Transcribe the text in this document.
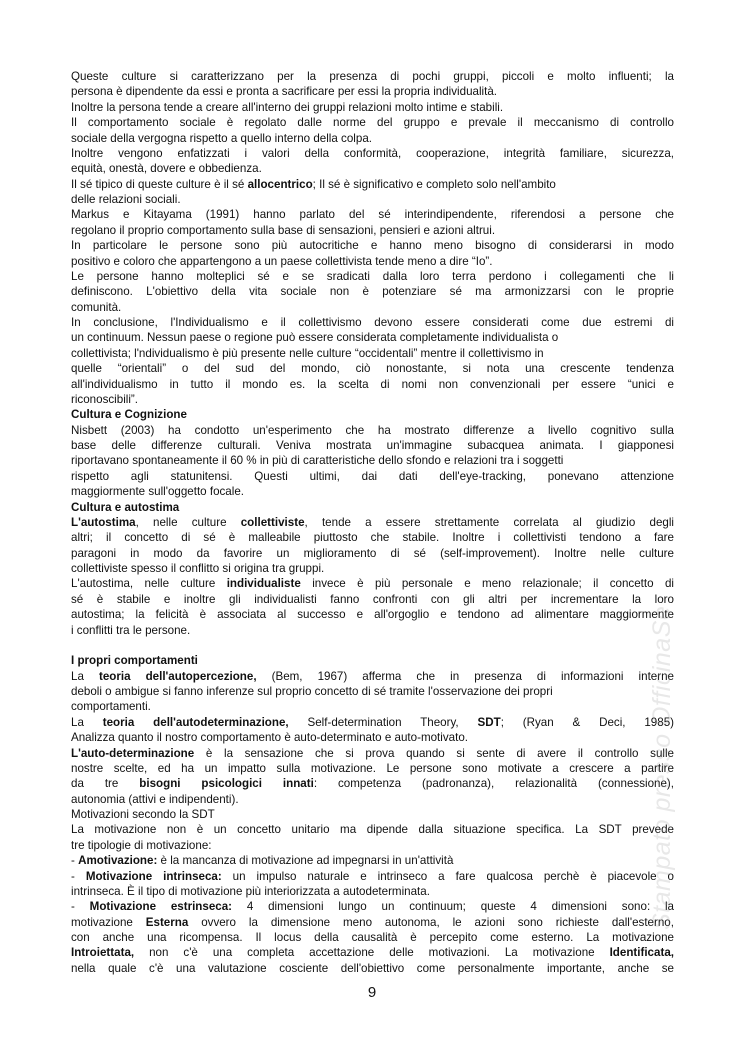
Queste culture si caratterizzano per la presenza di pochi gruppi, piccoli e molto influenti; la
persona è dipendente da essi e pronta a sacrificare per essi la propria individualità.
Inoltre la persona tende a creare all'interno dei gruppi relazioni molto intime e stabili.
Il comportamento sociale è regolato dalle norme del gruppo e prevale il meccanismo di controllo
sociale della vergogna rispetto a quello interno della colpa.
Inoltre vengono enfatizzati i valori della conformità, cooperazione, integrità familiare, sicurezza,
equità, onestà, dovere e obbedienza.
Il sé tipico di queste culture è il sé allocentrico; Il sé è significativo e completo solo nell'ambito
delle relazioni sociali.
Markus e Kitayama (1991) hanno parlato del sé interindipendente, riferendosi a persone che
regolano il proprio comportamento sulla base di sensazioni, pensieri e azioni altrui.
In particolare le persone sono più autocritiche e hanno meno bisogno di considerarsi in modo
positivo e coloro che appartengono a un paese collettivista tende meno a dire “Io”.
Le persone hanno molteplici sé e se sradicati dalla loro terra perdono i collegamenti che li
definiscono. L'obiettivo della vita sociale non è potenziare sé ma armonizzarsi con le proprie
comunità.
In conclusione, l'Individualismo e il collettivismo devono essere considerati come due estremi di
un continuum. Nessun paese o regione può essere considerata completamente individualista o
collettivista; l'ndividualismo è più presente nelle culture “occidentali” mentre il collettivismo in
quelle “orientali” o del sud del mondo, ciò nonostante, si nota una crescente tendenza
all'individualismo in tutto il mondo es. la scelta di nomi non convenzionali per essere “unici e
riconoscibili”.
Cultura e Cognizione
Nisbett (2003) ha condotto un'esperimento che ha mostrato differenze a livello cognitivo sulla
base delle differenze culturali. Veniva mostrata un'immagine subacquea animata. I giapponesi
riportavano spontaneamente il 60 % in più di caratteristiche dello sfondo e relazioni tra i soggetti
rispetto agli statunitensi. Questi ultimi, dai dati dell'eye-tracking, ponevano attenzione
maggiormente sull'oggetto focale.
Cultura e autostima
L'autostima, nelle culture collettiviste, tende a essere strettamente correlata al giudizio degli
altri; il concetto di sé è malleabile piuttosto che stabile. Inoltre i collettivisti tendono a fare
paragoni in modo da favorire un miglioramento di sé (self-improvement). Inoltre nelle culture
collettiviste spesso il conflitto si origina tra gruppi.
L'autostima, nelle culture individualiste invece è più personale e meno relazionale; il concetto di
sé è stabile e inoltre gli individualisti fanno confronti con gli altri per incrementare la loro
autostima; la felicità è associata al successo e all'orgoglio e tendono ad alimentare maggiormente
i conflitti tra le persone.
I propri comportamenti
La teoria dell'autopercezione, (Bem, 1967) afferma che in presenza di informazioni interne
deboli o ambigue si fanno inferenze sul proprio concetto di sé tramite l'osservazione dei propri
comportamenti.
La teoria dell'autodeterminazione, Self-determination Theory, SDT; (Ryan & Deci, 1985)
Analizza quanto il nostro comportamento è auto-determinato e auto-motivato.
L'auto-determinazione è la sensazione che si prova quando si sente di avere il controllo sulle
nostre scelte, ed ha un impatto sulla motivazione. Le persone sono motivate a crescere a partire
da tre bisogni psicologici innati: competenza (padronanza), relazionalità (connessione),
autonomia (attivi e indipendenti).
Motivazioni secondo la SDT
La motivazione non è un concetto unitario ma dipende dalla situazione specifica. La SDT prevede
tre tipologie di motivazione:
- Amotivazione: è la mancanza di motivazione ad impegnarsi in un'attività
- Motivazione intrinseca: un impulso naturale e intrinseco a fare qualcosa perchè è piacevole o
intrinseca. È il tipo di motivazione più interiorizzata a autodeterminata.
- Motivazione estrinseca: 4 dimensioni lungo un continuum; queste 4 dimensioni sono: la
motivazione Esterna ovvero la dimensione meno autonoma, le azioni sono richieste dall'esterno,
con anche una ricompensa. Il locus della causalità è percepito come esterno. La motivazione
Introiettata, non c'è una completa accettazione delle motivazioni. La motivazione Identificata,
nella quale c'è una valutazione cosciente dell'obiettivo come personalmente importante, anche se
9
Stampato presso OfficinaSe
